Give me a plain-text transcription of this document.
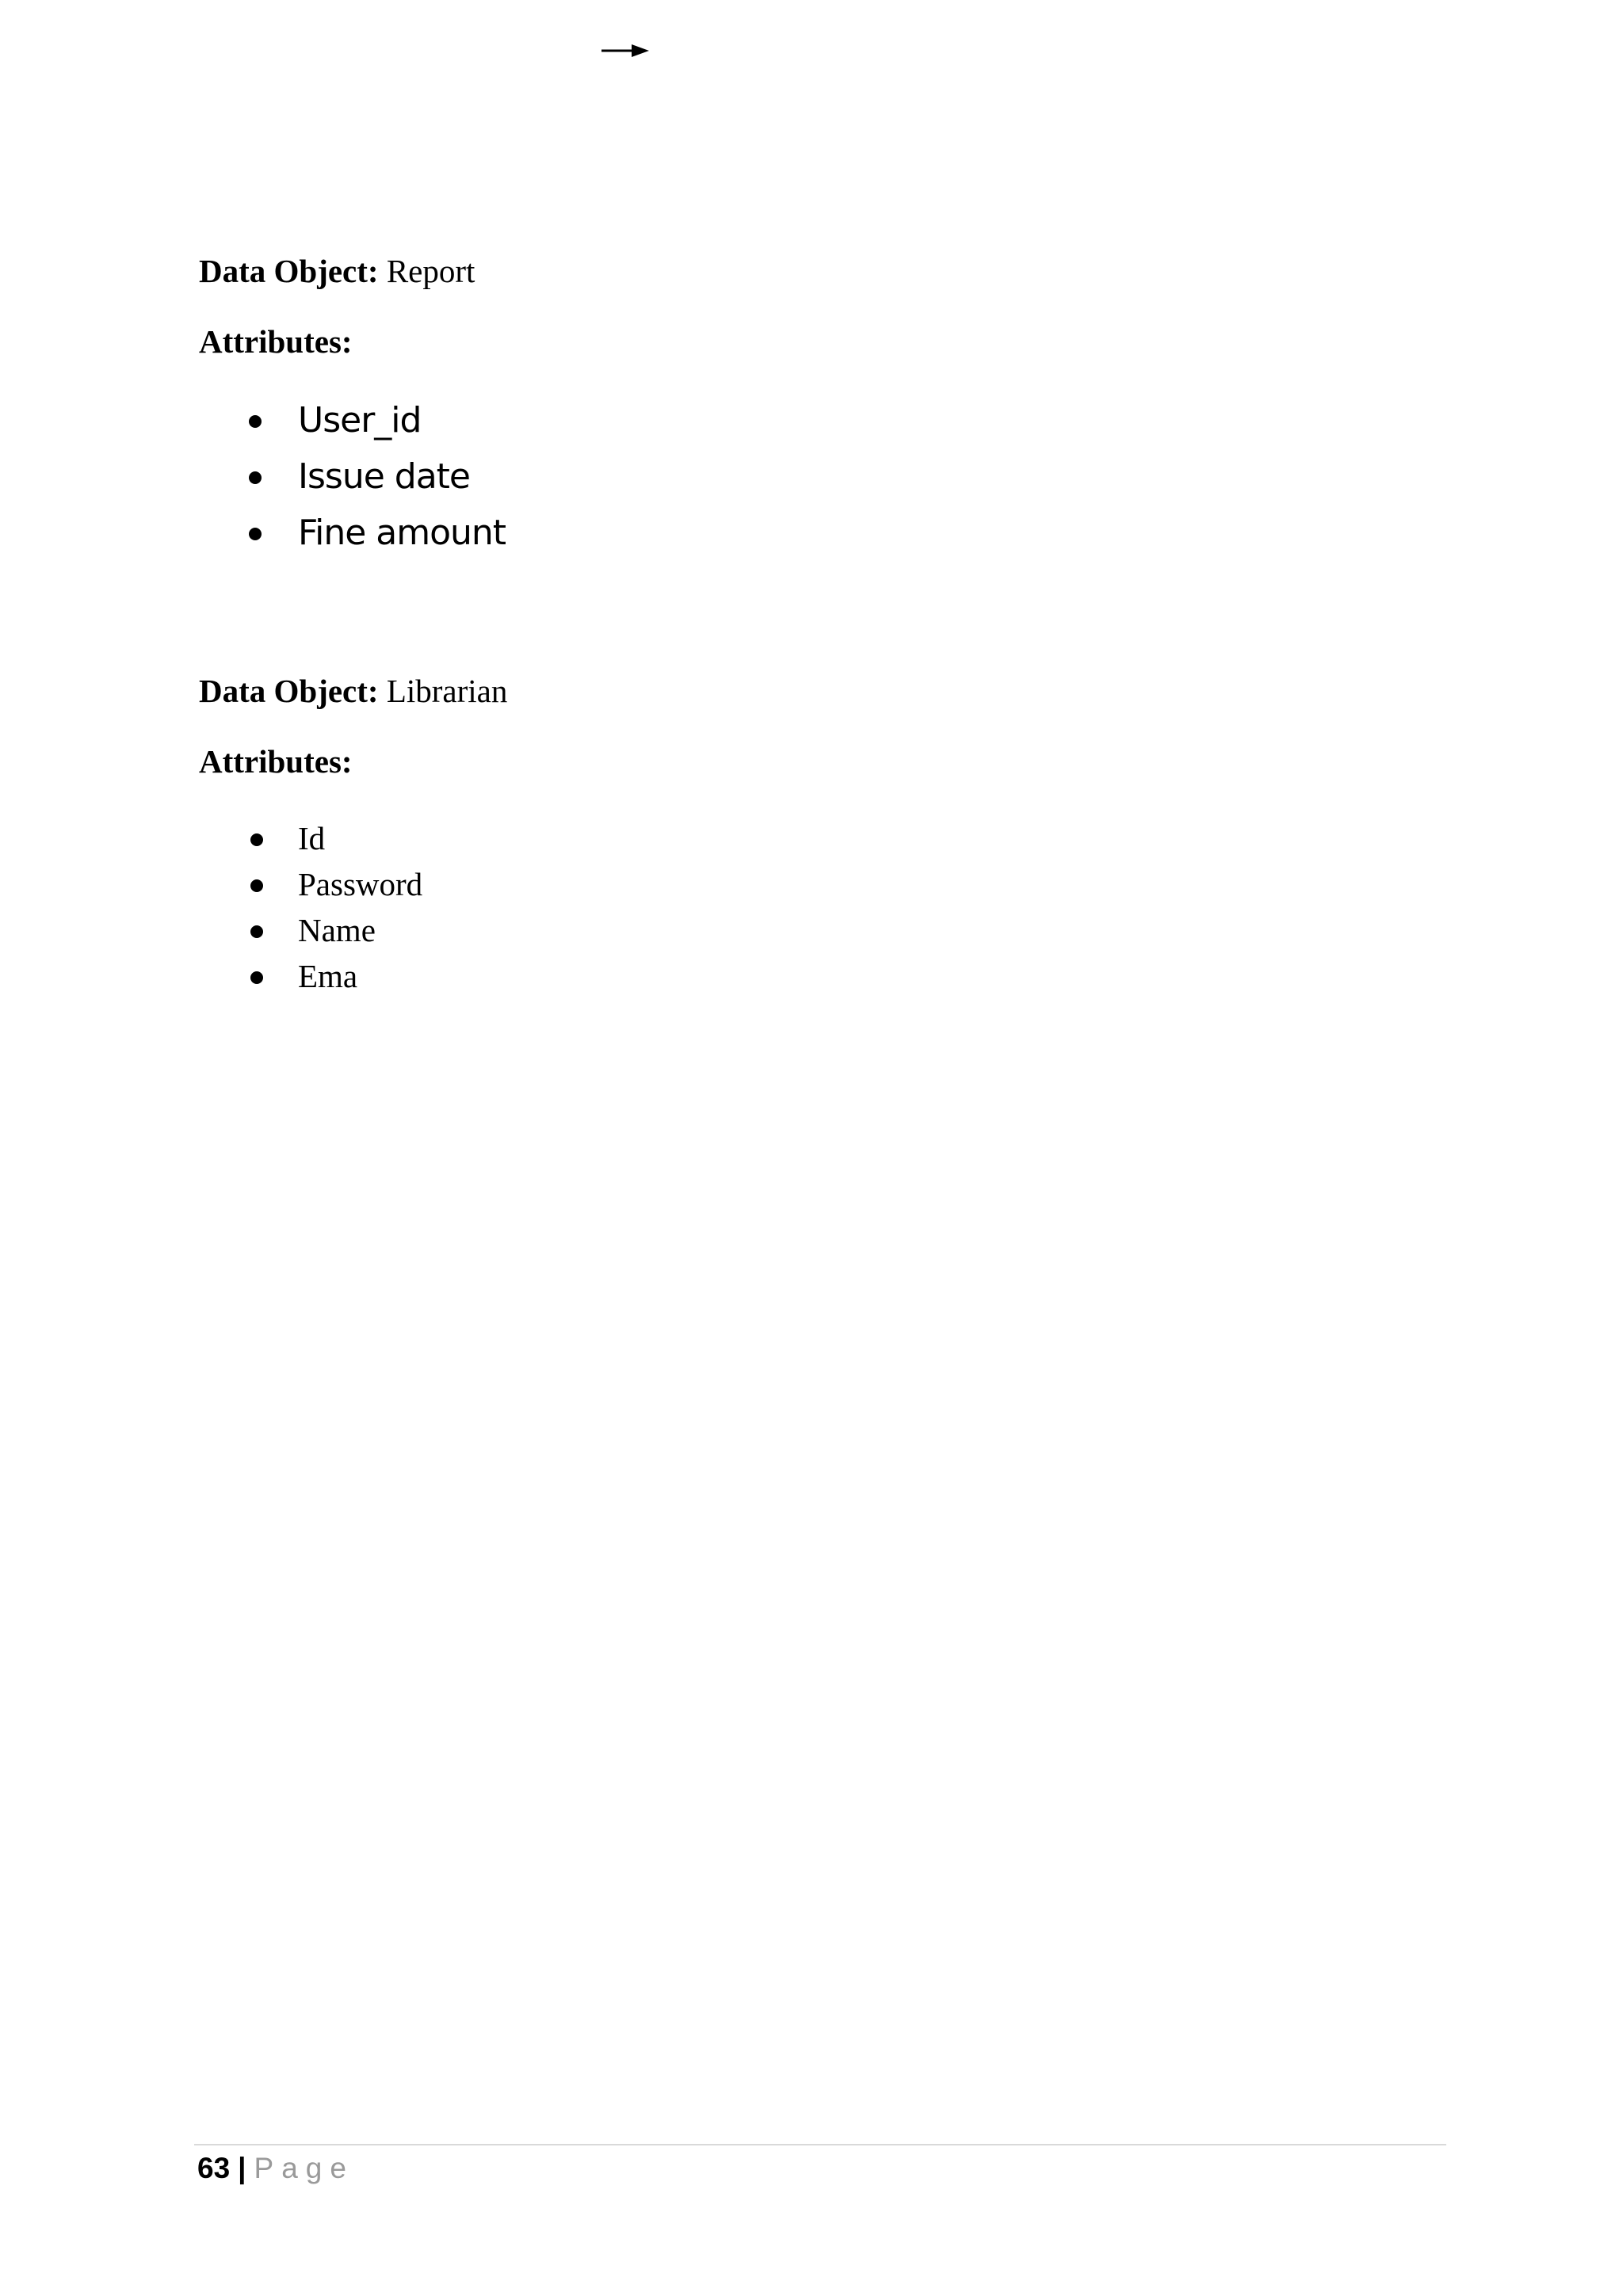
Data Object: Report

Attributes:

User_id
Issue date
Fine amount

Data Object: Librarian

Attributes:

Id
Password
Name
Ema
63 | Page
